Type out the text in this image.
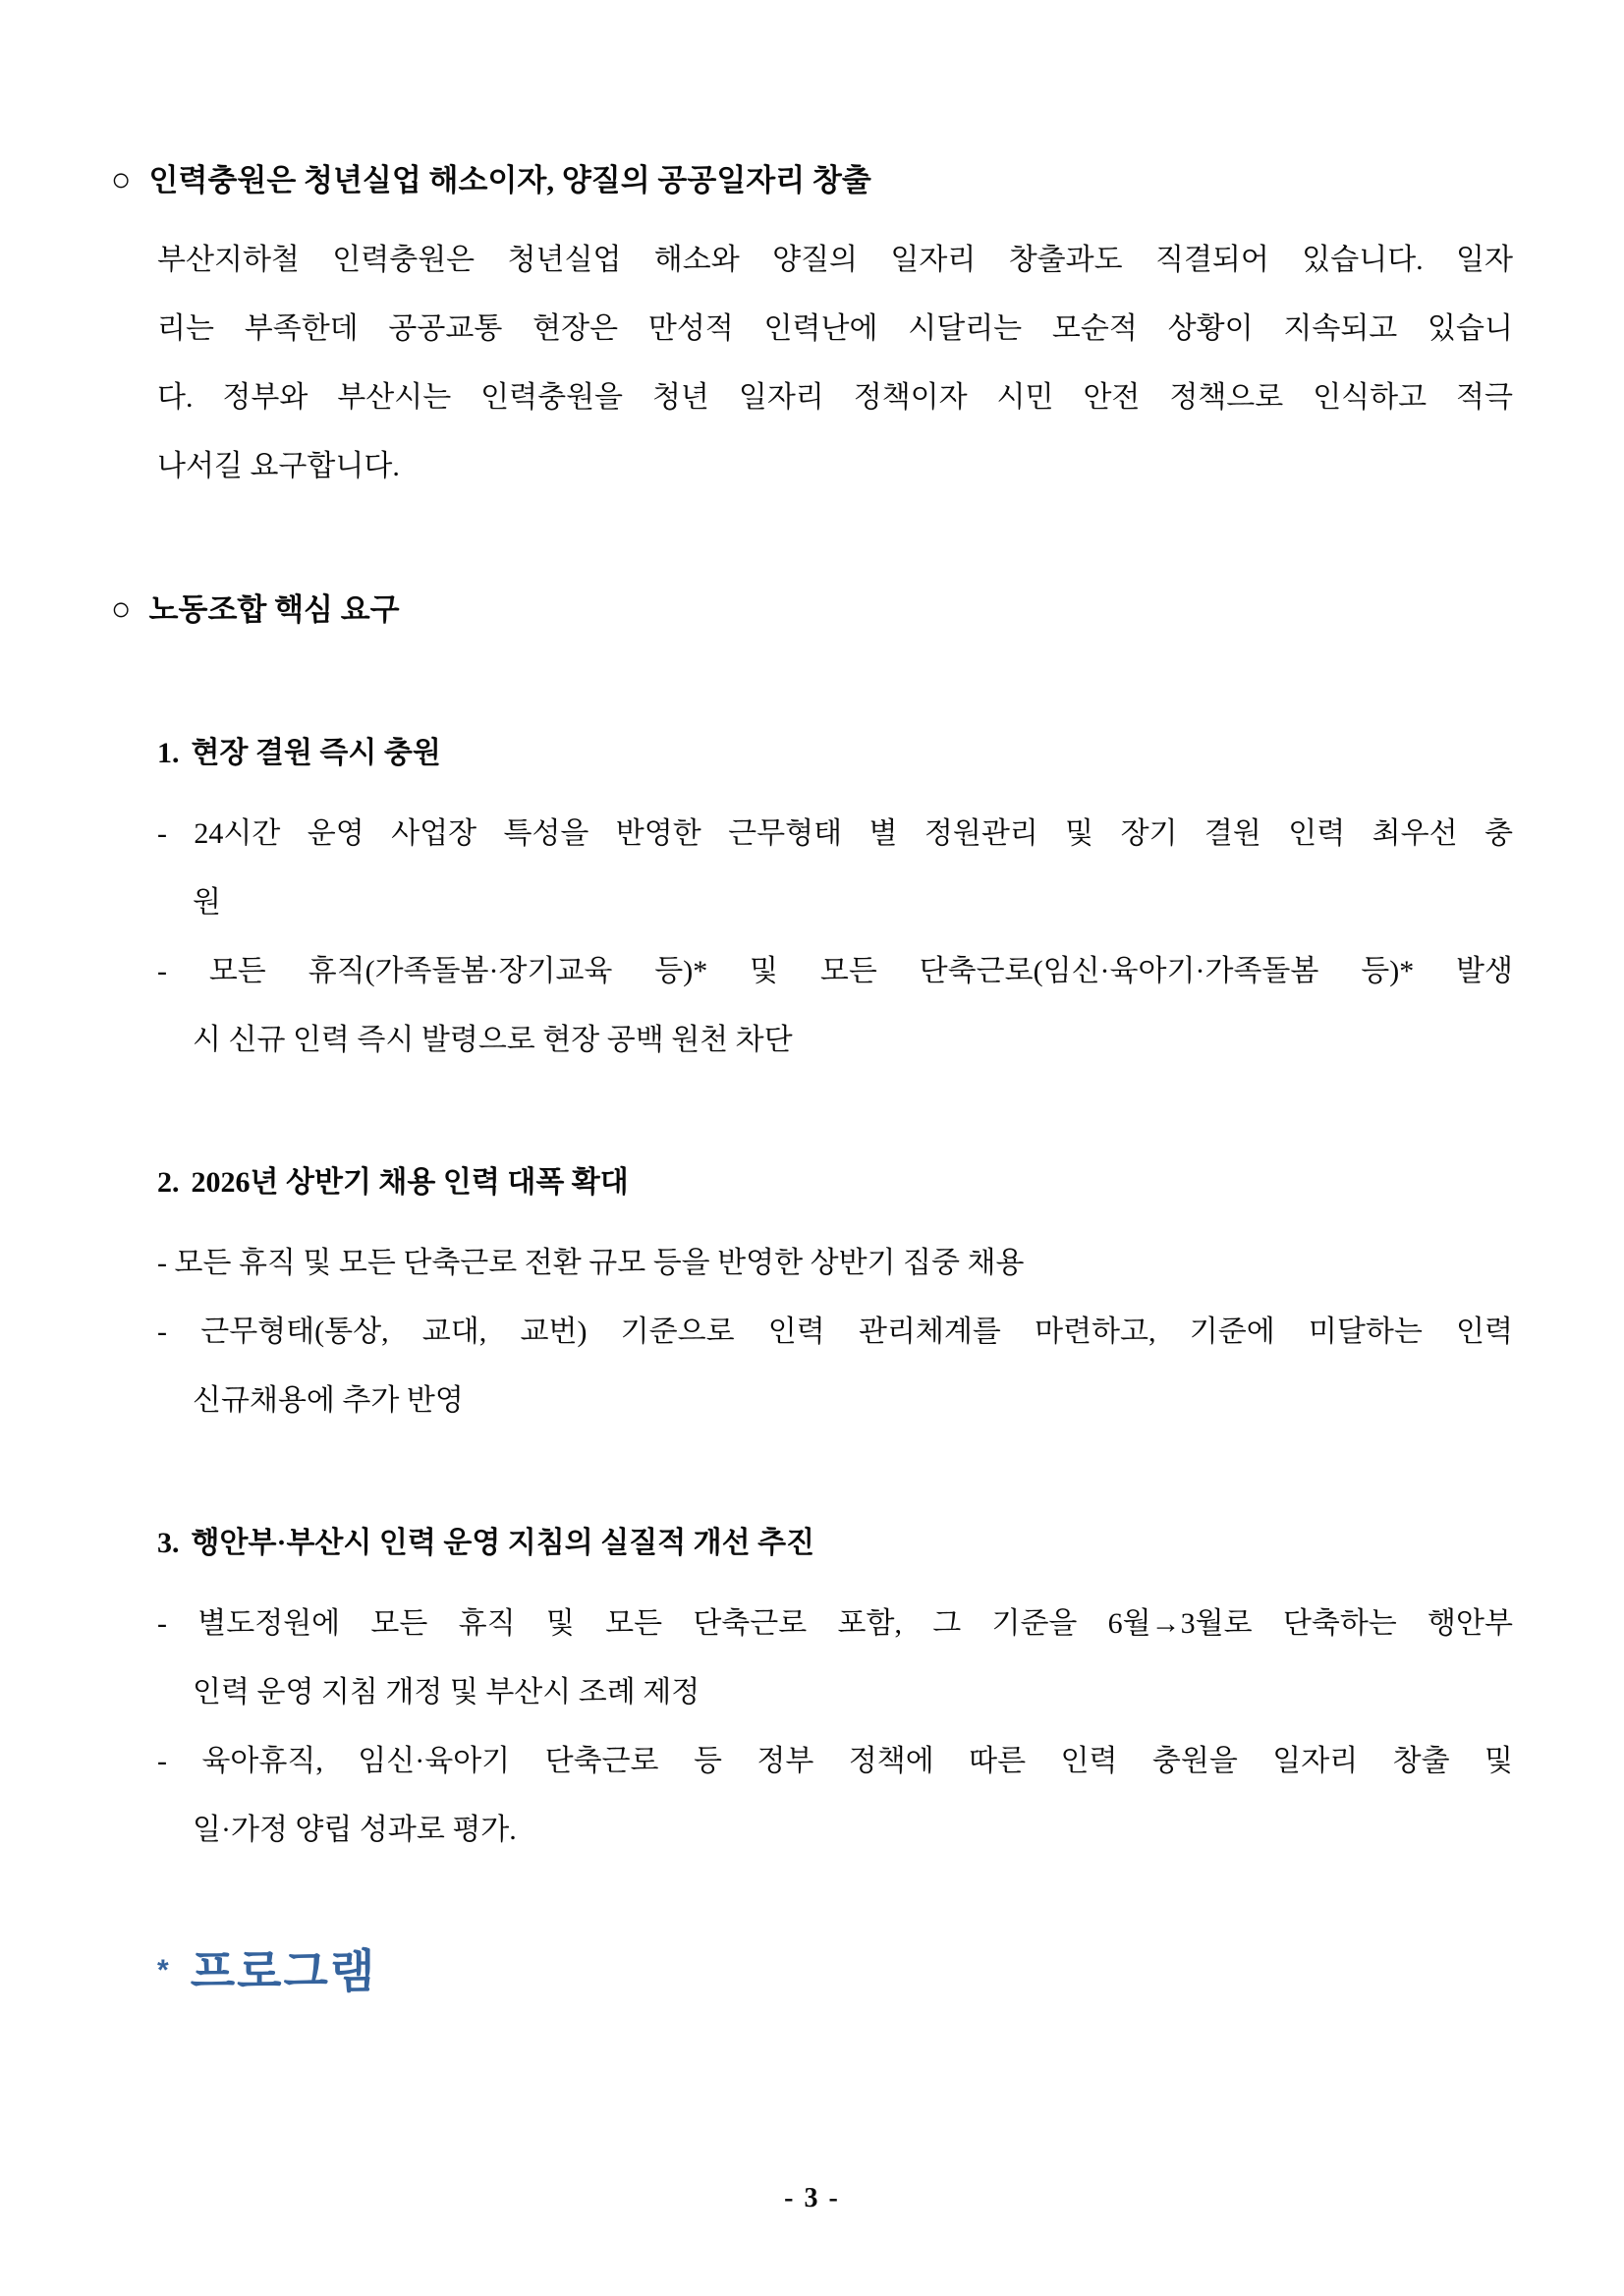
○ 인력충원은 청년실업 해소이자, 양질의 공공일자리 창출
부산지하철 인력충원은 청년실업 해소와 양질의 일자리 창출과도 직결되어 있습니다. 일자
리는 부족한데 공공교통 현장은 만성적 인력난에 시달리는 모순적 상황이 지속되고 있습니
다. 정부와 부산시는 인력충원을 청년 일자리 정책이자 시민 안전 정책으로 인식하고 적극
나서길 요구합니다.
○ 노동조합 핵심 요구
1. 현장 결원 즉시 충원
- 24시간 운영 사업장 특성을 반영한 근무형태 별 정원관리 및 장기 결원 인력 최우선 충
원
- 모든 휴직(가족돌봄·장기교육 등)* 및 모든 단축근로(임신·육아기·가족돌봄 등)* 발생
시 신규 인력 즉시 발령으로 현장 공백 원천 차단
2. 2026년 상반기 채용 인력 대폭 확대
- 모든 휴직 및 모든 단축근로 전환 규모 등을 반영한 상반기 집중 채용
- 근무형태(통상, 교대, 교번) 기준으로 인력 관리체계를 마련하고, 기준에 미달하는 인력
신규채용에 추가 반영
3. 행안부·부산시 인력 운영 지침의 실질적 개선 추진
- 별도정원에 모든 휴직 및 모든 단축근로 포함, 그 기준을 6월→3월로 단축하는 행안부
인력 운영 지침 개정 및 부산시 조례 제정
- 육아휴직, 임신·육아기 단축근로 등 정부 정책에 따른 인력 충원을 일자리 창출 및
일·가정 양립 성과로 평가.
* 프로그램
- 3 -
